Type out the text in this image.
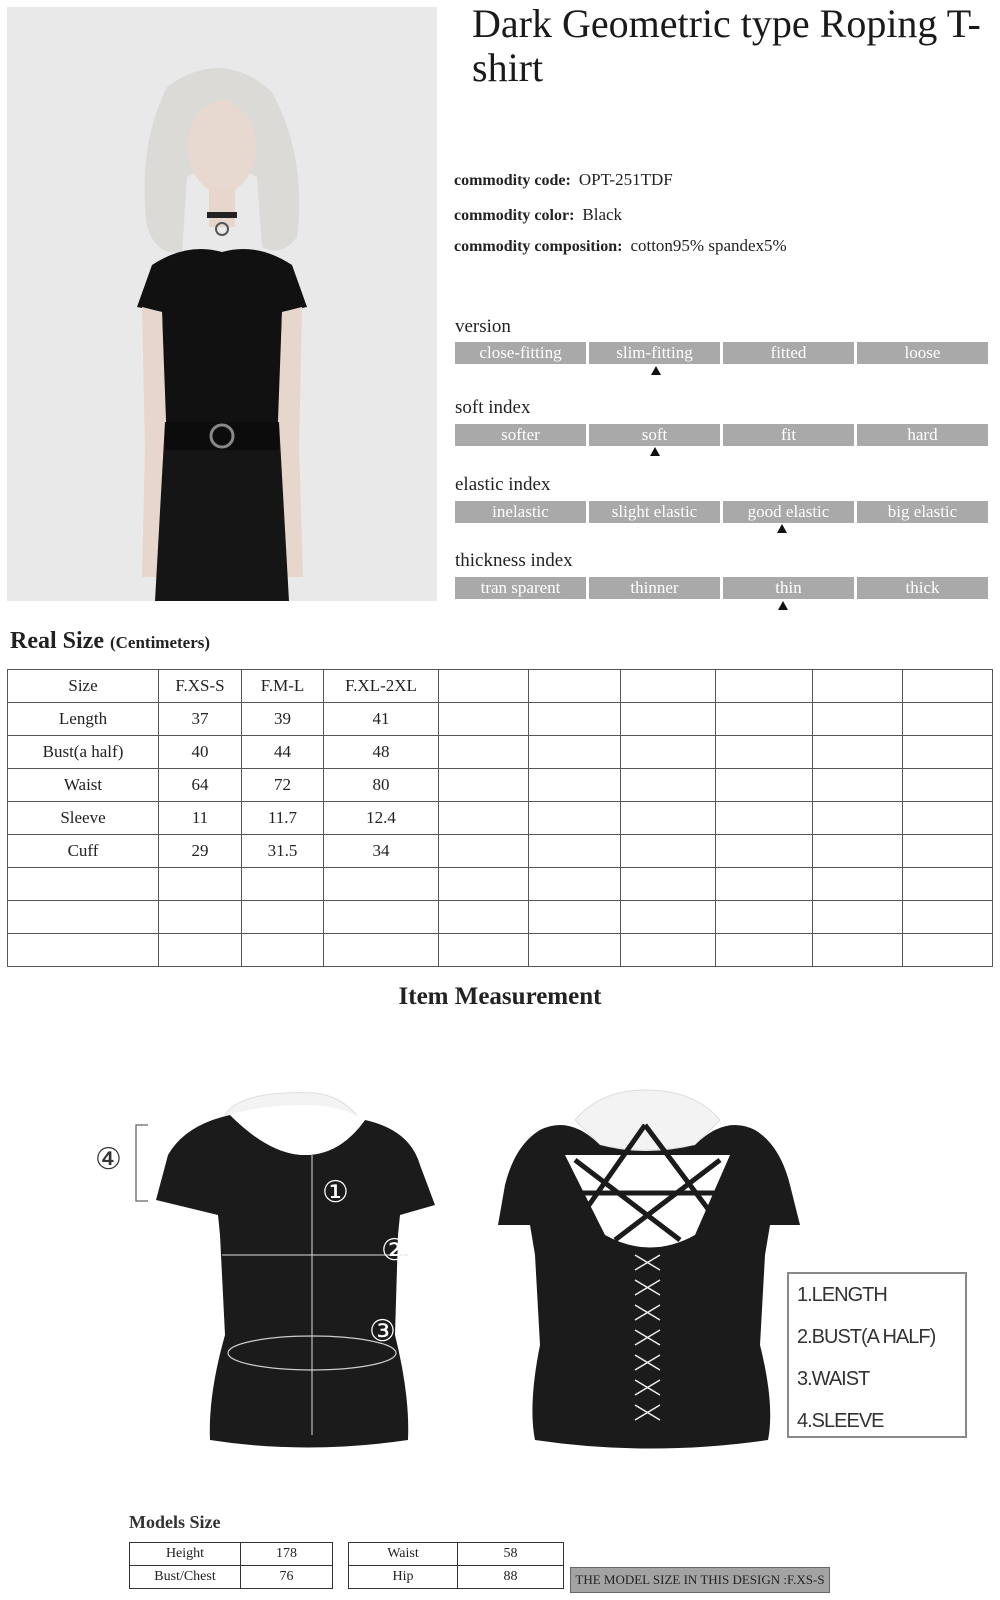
Dark Geometric type Roping T-shirt
commodity code: OPT-251TDF
commodity color: Black
commodity composition: cotton95% spandex5%
version
close-fitting	slim-fitting	fitted	loose
soft index
softer	soft	fit	hard
elastic index
inelastic	slight elastic	good elastic	big elastic
thickness index
tran sparent	thinner	thin	thick
Real Size (Centimeters)
Size	F.XS-S	F.M-L	F.XL-2XL						
Length	37	39	41						
Bust(a half)	40	44	48						
Waist	64	72	80						
Sleeve	11	11.7	12.4						
Cuff	29	31.5	34						

Item Measurement
①
②
③
④
1.LENGTH
2.BUST(A HALF)
3.WAIST
4.SLEEVE
Models Size
Height	178
Bust/Chest	76
Waist	58
Hip	88	THE MODEL SIZE IN THIS DESIGN :F.XS-S
